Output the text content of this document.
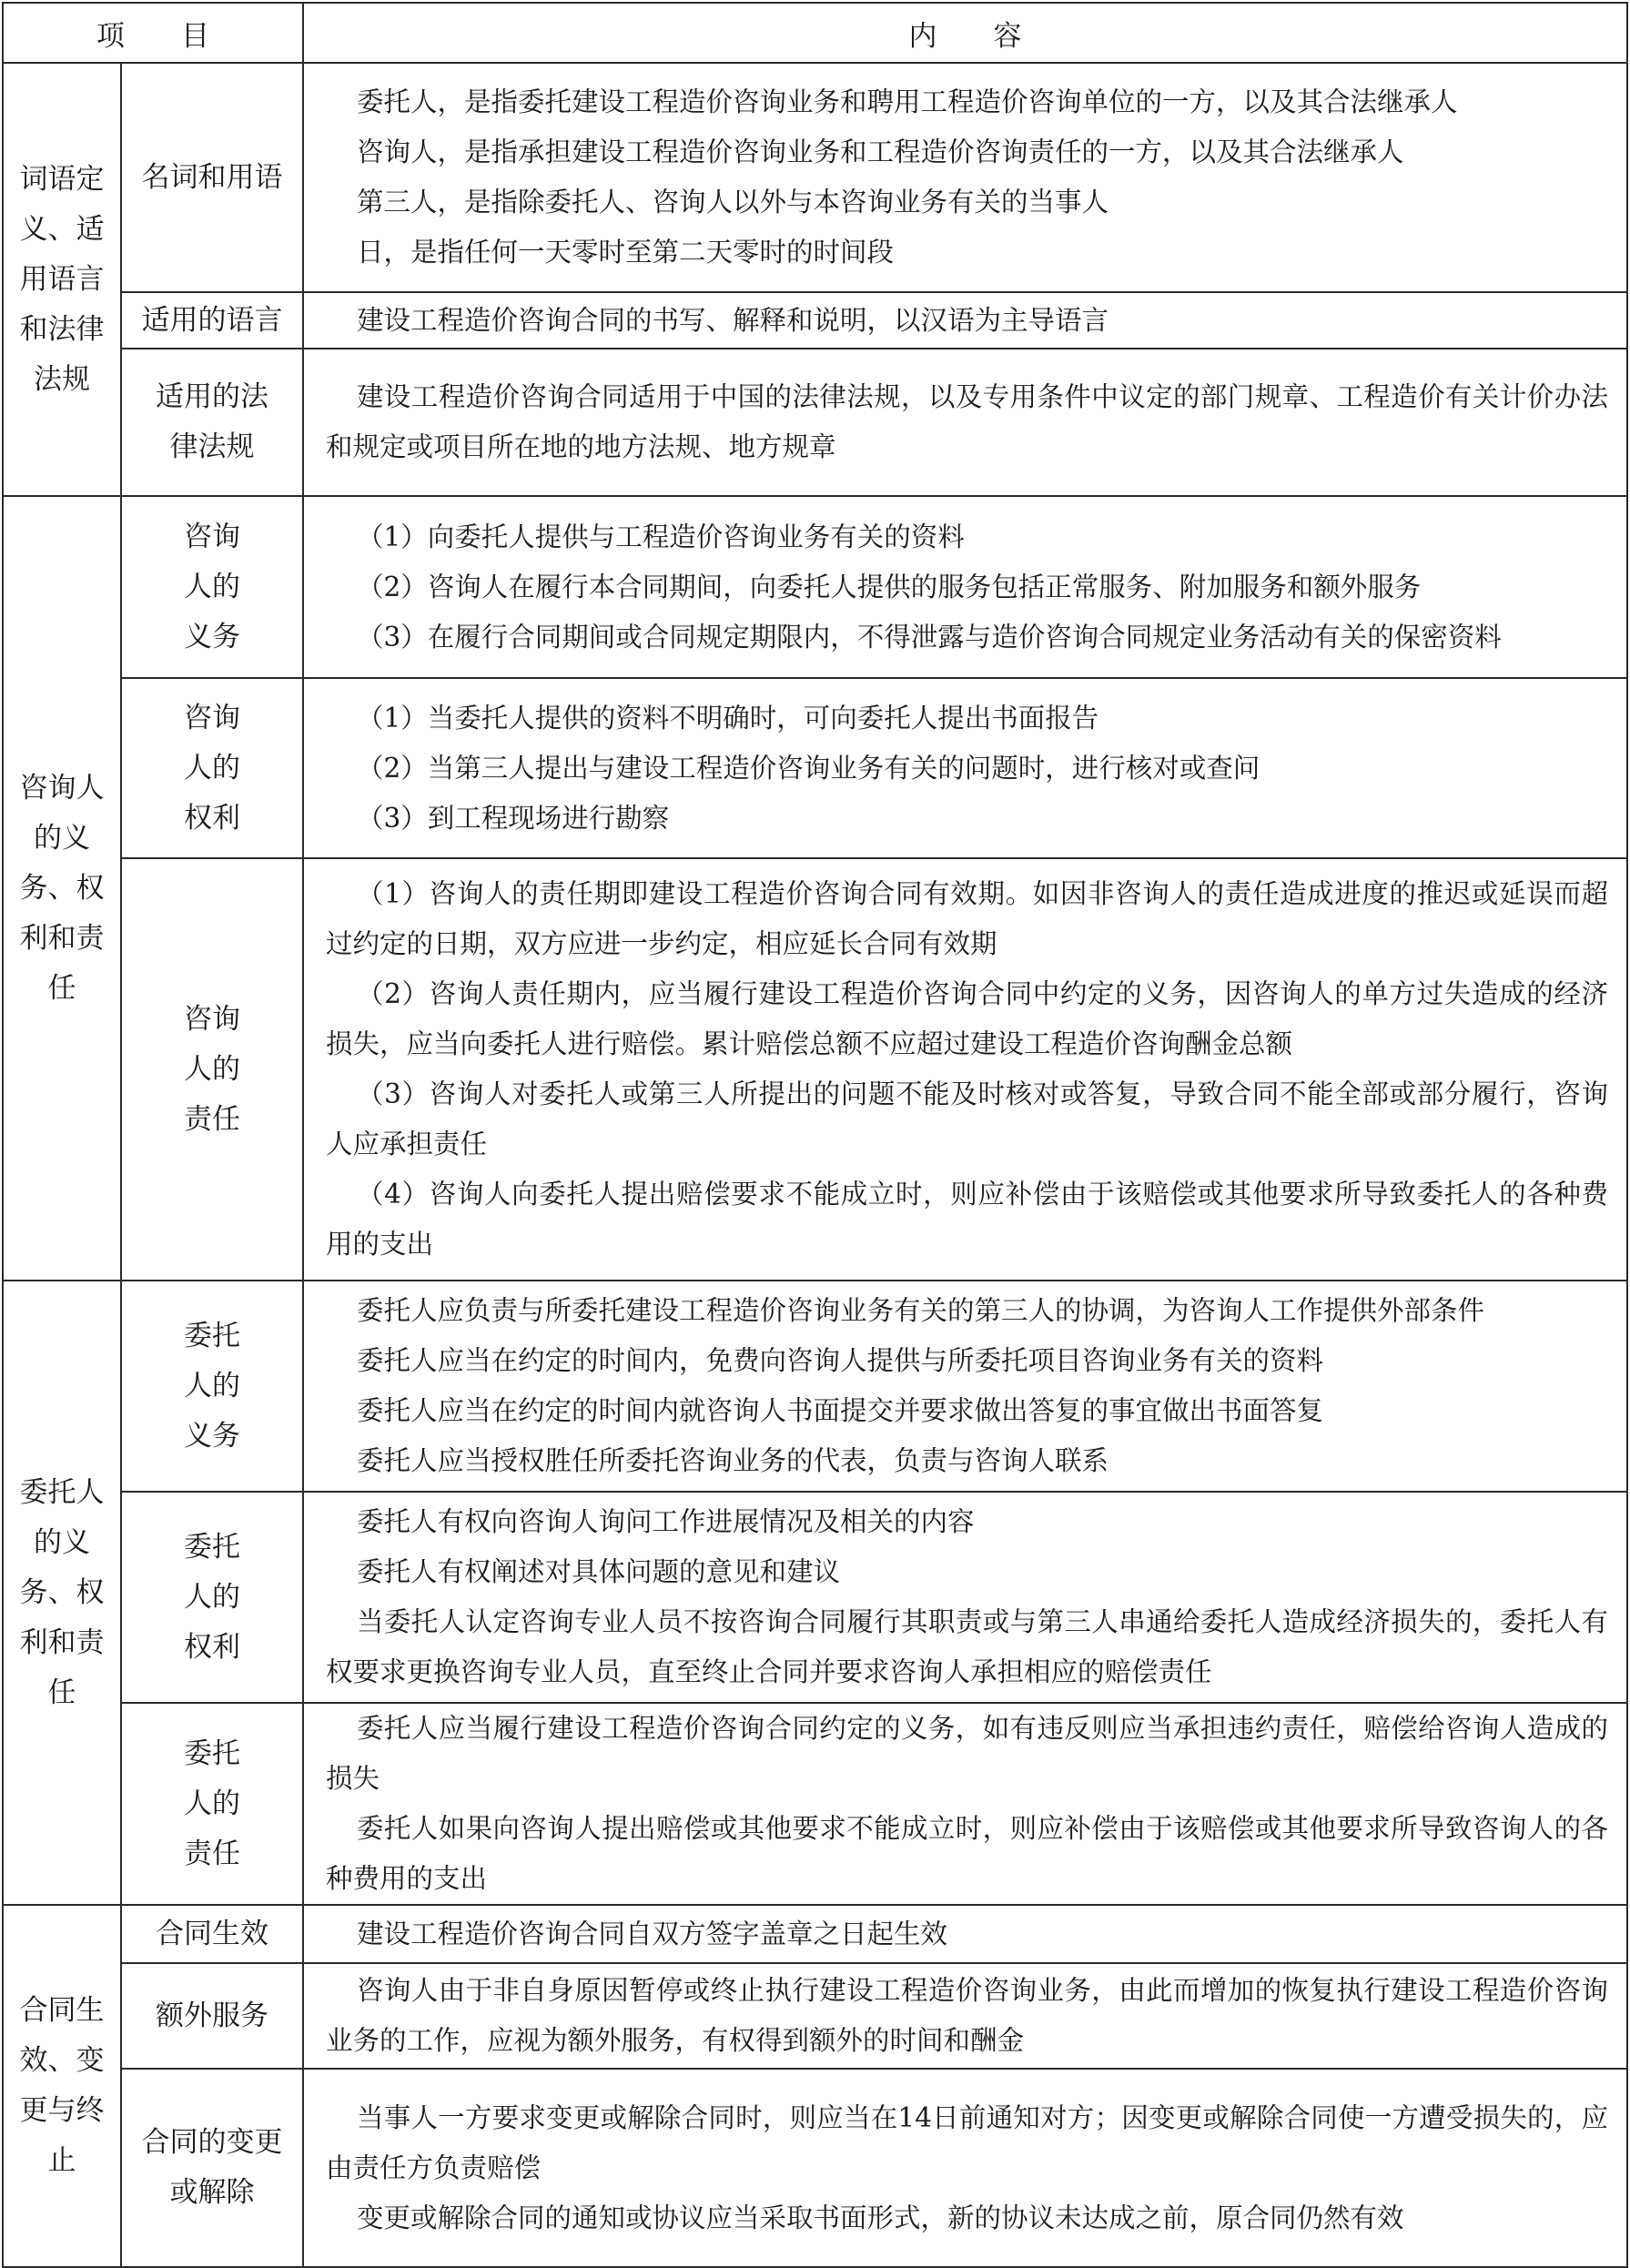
项　　目		内　　容
词语定义、适用语言和法律法规	名词和用语	委托人，是指委托建设工程造价咨询业务和聘用工程造价咨询单位的一方，以及其合法继承人
咨询人，是指承担建设工程造价咨询业务和工程造价咨询责任的一方，以及其合法继承人
第三人，是指除委托人、咨询人以外与本咨询业务有关的当事人
日，是指任何一天零时至第二天零时的时间段

	适用的语言	建设工程造价咨询合同的书写、解释和说明，以汉语为主导语言

	适用的法律法规	建设工程造价咨询合同适用于中国的法律法规，以及专用条件中议定的部门规章、工程造价有关计价办法和规定或项目所在地的地方法规、地方规章

咨询人的义务、权利和责任	咨询人的义务	（1）向委托人提供与工程造价咨询业务有关的资料
（2）咨询人在履行本合同期间，向委托人提供的服务包括正常服务、附加服务和额外服务
（3）在履行合同期间或合同规定期限内，不得泄露与造价咨询合同规定业务活动有关的保密资料

	咨询人的权利	（1）当委托人提供的资料不明确时，可向委托人提出书面报告
（2）当第三人提出与建设工程造价咨询业务有关的问题时，进行核对或查问
（3）到工程现场进行勘察

	咨询人的责任	（1）咨询人的责任期即建设工程造价咨询合同有效期。如因非咨询人的责任造成进度的推迟或延误而超过约定的日期，双方应进一步约定，相应延长合同有效期
（2）咨询人责任期内，应当履行建设工程造价咨询合同中约定的义务，因咨询人的单方过失造成的经济损失，应当向委托人进行赔偿。累计赔偿总额不应超过建设工程造价咨询酬金总额
（3）咨询人对委托人或第三人所提出的问题不能及时核对或答复，导致合同不能全部或部分履行，咨询人应承担责任
（4）咨询人向委托人提出赔偿要求不能成立时，则应补偿由于该赔偿或其他要求所导致委托人的各种费用的支出

委托人的义务、权利和责任	委托人的义务	委托人应负责与所委托建设工程造价咨询业务有关的第三人的协调，为咨询人工作提供外部条件
委托人应当在约定的时间内，免费向咨询人提供与所委托项目咨询业务有关的资料
委托人应当在约定的时间内就咨询人书面提交并要求做出答复的事宜做出书面答复
委托人应当授权胜任所委托咨询业务的代表，负责与咨询人联系

	委托人的权利	委托人有权向咨询人询问工作进展情况及相关的内容
委托人有权阐述对具体问题的意见和建议
当委托人认定咨询专业人员不按咨询合同履行其职责或与第三人串通给委托人造成经济损失的，委托人有权要求更换咨询专业人员，直至终止合同并要求咨询人承担相应的赔偿责任

	委托人的责任	委托人应当履行建设工程造价咨询合同约定的义务，如有违反则应当承担违约责任，赔偿给咨询人造成的损失
委托人如果向咨询人提出赔偿或其他要求不能成立时，则应补偿由于该赔偿或其他要求所导致咨询人的各种费用的支出

合同生效、变更与终止	合同生效	建设工程造价咨询合同自双方签字盖章之日起生效

	额外服务	咨询人由于非自身原因暂停或终止执行建设工程造价咨询业务，由此而增加的恢复执行建设工程造价咨询业务的工作，应视为额外服务，有权得到额外的时间和酬金

	合同的变更或解除	当事人一方要求变更或解除合同时，则应当在14日前通知对方；因变更或解除合同使一方遭受损失的，应由责任方负责赔偿
变更或解除合同的通知或协议应当采取书面形式，新的协议未达成之前，原合同仍然有效
